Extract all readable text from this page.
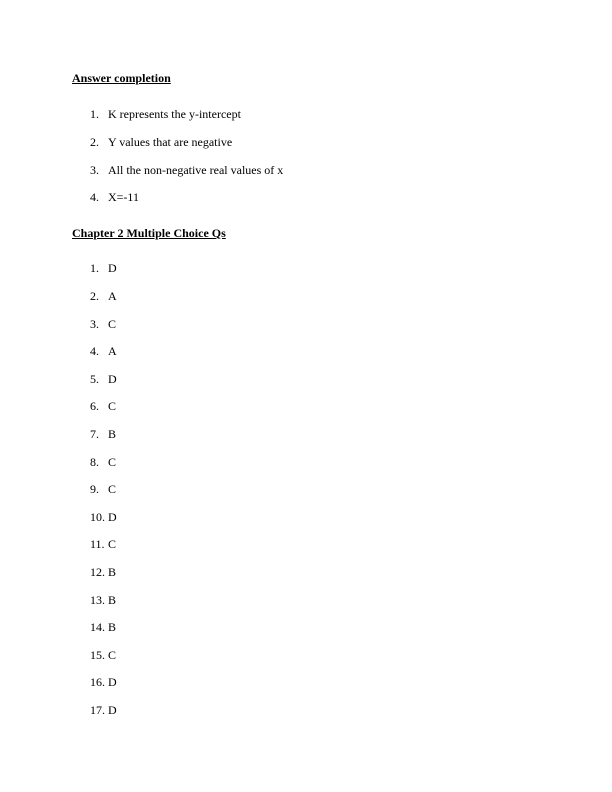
Answer completion
1. K represents the y-intercept
2. Y values that are negative
3. All the non-negative real values of x
4. X=-11
Chapter 2 Multiple Choice Qs
1. D
2. A
3. C
4. A
5. D
6. C
7. B
8. C
9. C
10. D
11. C
12. B
13. B
14. B
15. C
16. D
17. D
